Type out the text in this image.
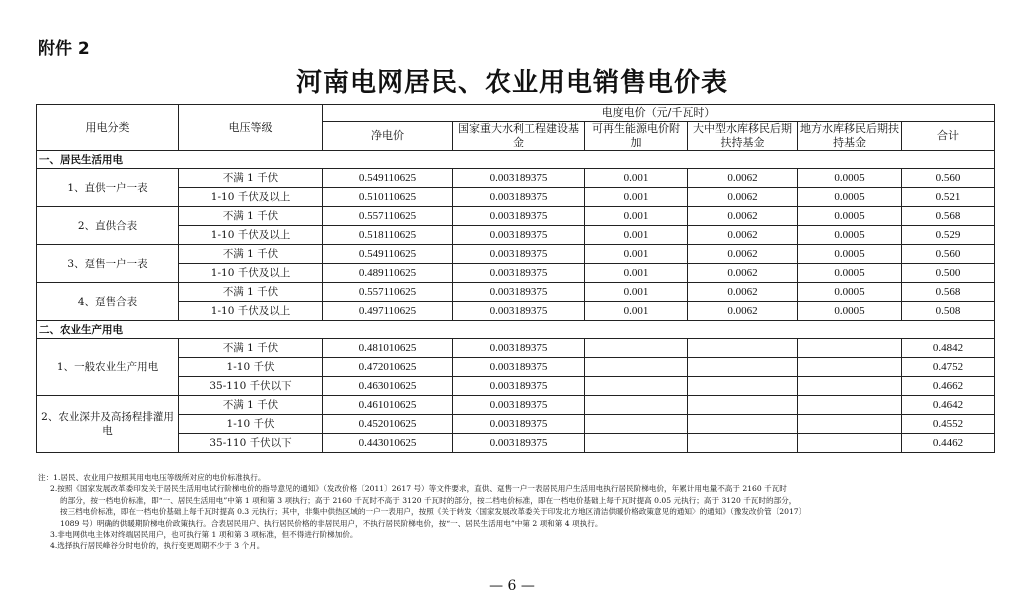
附件 2
河南电网居民、农业用电销售电价表
用电分类	电压等级	电度电价（元/千瓦时）					
		净电价	国家重大水利工程建设基金	可再生能源电价附加	大中型水库移民后期扶持基金	地方水库移民后期扶持基金	合计
一、居民生活用电							
1、直供一户一表	不满 1 千伏	0.549110625	0.003189375	0.001	0.0062	0.0005	0.560
	1-10 千伏及以上	0.510110625	0.003189375	0.001	0.0062	0.0005	0.521
2、直供合表	不满 1 千伏	0.557110625	0.003189375	0.001	0.0062	0.0005	0.568
	1-10 千伏及以上	0.518110625	0.003189375	0.001	0.0062	0.0005	0.529
3、趸售一户一表	不满 1 千伏	0.549110625	0.003189375	0.001	0.0062	0.0005	0.560
	1-10 千伏及以上	0.489110625	0.003189375	0.001	0.0062	0.0005	0.500
4、趸售合表	不满 1 千伏	0.557110625	0.003189375	0.001	0.0062	0.0005	0.568
	1-10 千伏及以上	0.497110625	0.003189375	0.001	0.0062	0.0005	0.508
二、农业生产用电							
1、一般农业生产用电	不满 1 千伏	0.481010625	0.003189375				0.4842
	1-10 千伏	0.472010625	0.003189375				0.4752
	35-110 千伏以下	0.463010625	0.003189375				0.4662
2、农业深井及高扬程排灌用电	不满 1 千伏	0.461010625	0.003189375				0.4642
	1-10 千伏	0.452010625	0.003189375				0.4552
	35-110 千伏以下	0.443010625	0.003189375				0.4462
注：1.居民、农业用户按照其用电电压等级所对应的电价标准执行。
2.按照《国家发展改革委印发关于居民生活用电试行阶梯电价的指导意见的通知》（发改价格〔2011〕2617 号）等文件要求，直供、趸售一户一表居民用户生活用电执行居民阶梯电价，年累计用电量不高于 2160 千瓦时
的部分，按一档电价标准，即“一、居民生活用电”中第 1 项和第 3 项执行；高于 2160 千瓦时不高于 3120 千瓦时的部分，按二档电价标准，即在一档电价基础上每千瓦时提高 0.05 元执行；高于 3120 千瓦时的部分，
按三档电价标准，即在一档电价基础上每千瓦时提高 0.3 元执行；其中，非集中供热区域的一户一表用户，按照《关于转发〈国家发展改革委关于印发北方地区清洁供暖价格政策意见的通知〉的通知》（豫发改价管〔2017〕
1089 号）明确的供暖期阶梯电价政策执行。合表居民用户、执行居民价格的非居民用户，不执行居民阶梯电价，按“一、居民生活用电”中第 2 项和第 4 项执行。
3.非电网供电主体对终端居民用户，也可执行第 1 项和第 3 项标准，但不得进行阶梯加价。
4.选择执行居民峰谷分时电价的，执行变更周期不少于 3 个月。
— 6 —
